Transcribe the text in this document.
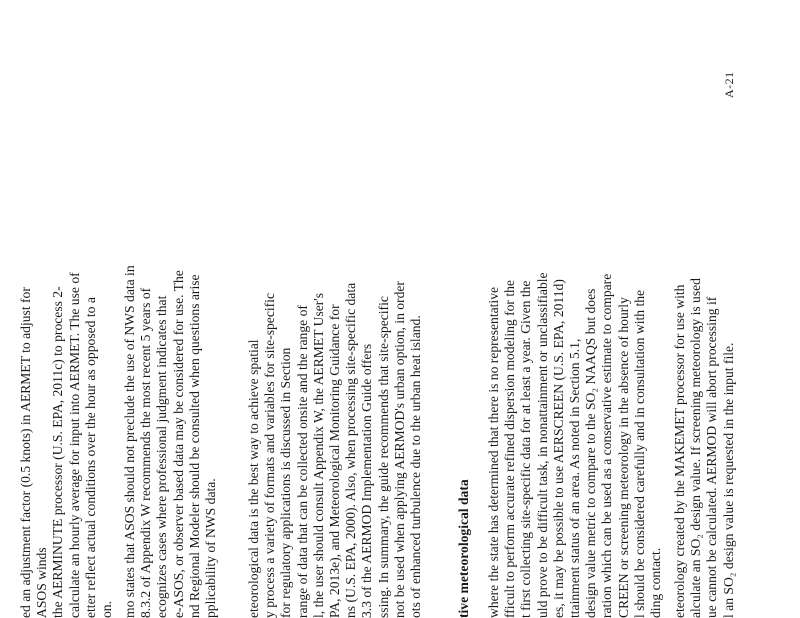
ed an adjustment factor (0.5 knots) in AERMET to adjust for ASOS winds the AERMINUTE processor (U.S. EPA, 2011c) to process 2- calculate an hourly average for input into AERMET. The use of etter reflect actual conditions over the hour as opposed to a on. mo states that ASOS should not preclude the use of NWS data in 8.3.2 of Appendix W recommends the most recent 5 years of ecognizes cases where professional judgment indicates that e-ASOS, or observer based data may be considered for use. The nd Regional Modeler should be consulted when questions arise pplicability of NWS data. eteorological data is the best way to achieve spatial y process a variety of formats and variables for site-specific for regulatory applications is discussed in Section range of data that can be collected onsite and the range of l, the user should consult Appendix W, the AERMET User's PA, 2013e), and Meteorological Monitoring Guidance for ns (U.S. EPA, 2000). Also, when processing site-specific data 3.3 of the AERMOD Implementation Guide offers ssing. In summary, the guide recommends that site-specific not be used when applying AERMOD's urban option, in order ots of enhanced turbulence due to the urban heat island. tive meteorological data where the state has determined that there is no representative fficult to perform accurate refined dispersion modeling for the t first collecting site-specific data for at least a year. Given the uld prove to be difficult task, in nonattainment or unclassifiable es, it may be possible to use AERSCREEN (U.S. EPA, 2011d) ttainment status of an area. As noted in Section 5.1, design value metric to compare to the SO₂ NAAQS but does ration which can be used as a conservative estimate to compare CREEN or screening meteorology in the absence of hourly l should be considered carefully and in consultation with the ding contact. eteorology created by the MAKEMET processor for use with alculate an SO₂ design value. If screening meteorology is used ue cannot be calculated. AERMOD will abort processing if l an SO₂ design value is requested in the input file.
A-21
